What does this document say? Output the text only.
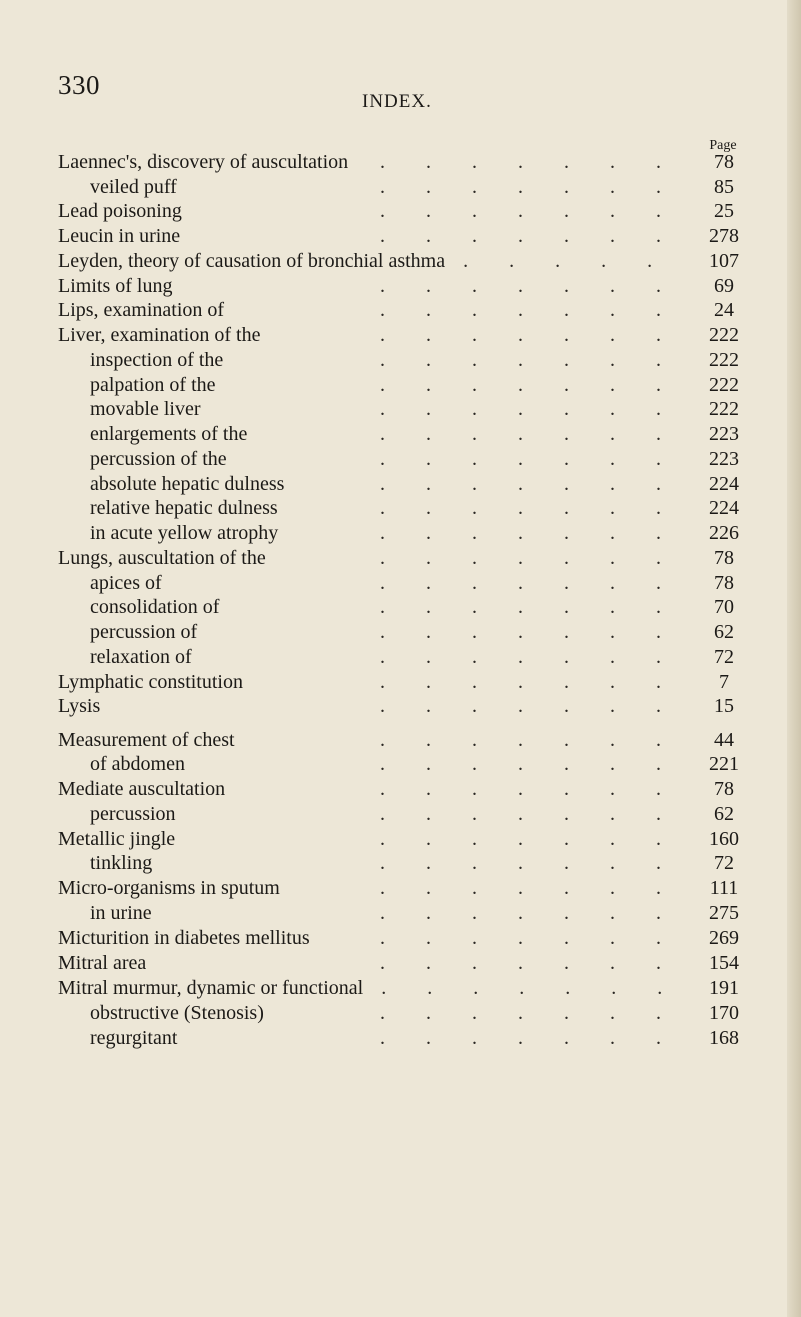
330
INDEX.
Page
Laennec's, discovery of auscultation	78
.......
veiled puff	85
.......
Lead poisoning	25
.......
Leucin in urine	278
.......
Leyden, theory of causation of bronchial asthma	107
.....
Limits of lung	69
.......
Lips, examination of	24
.......
Liver, examination of the	222
.......
inspection of the	222
.......
palpation of the	222
.......
movable liver	222
.......
enlargements of the	223
.......
percussion of the	223
.......
absolute hepatic dulness	224
.......
relative hepatic dulness	224
.......
in acute yellow atrophy	226
.......
Lungs, auscultation of the	78
.......
apices of	78
.......
consolidation of	70
.......
percussion of	62
.......
relaxation of	72
.......
Lymphatic constitution	7
.......
Lysis	15
.......
Measurement of chest	44
.......
of abdomen	221
.......
Mediate auscultation	78
.......
percussion	62
.......
Metallic jingle	160
.......
tinkling	72
.......
Micro-organisms in sputum	111
.......
in urine	275
.......
Micturition in diabetes mellitus	269
.......
Mitral area	154
.......
Mitral murmur, dynamic or functional	191
.......
obstructive (Stenosis)	170
.......
regurgitant	168
.......
